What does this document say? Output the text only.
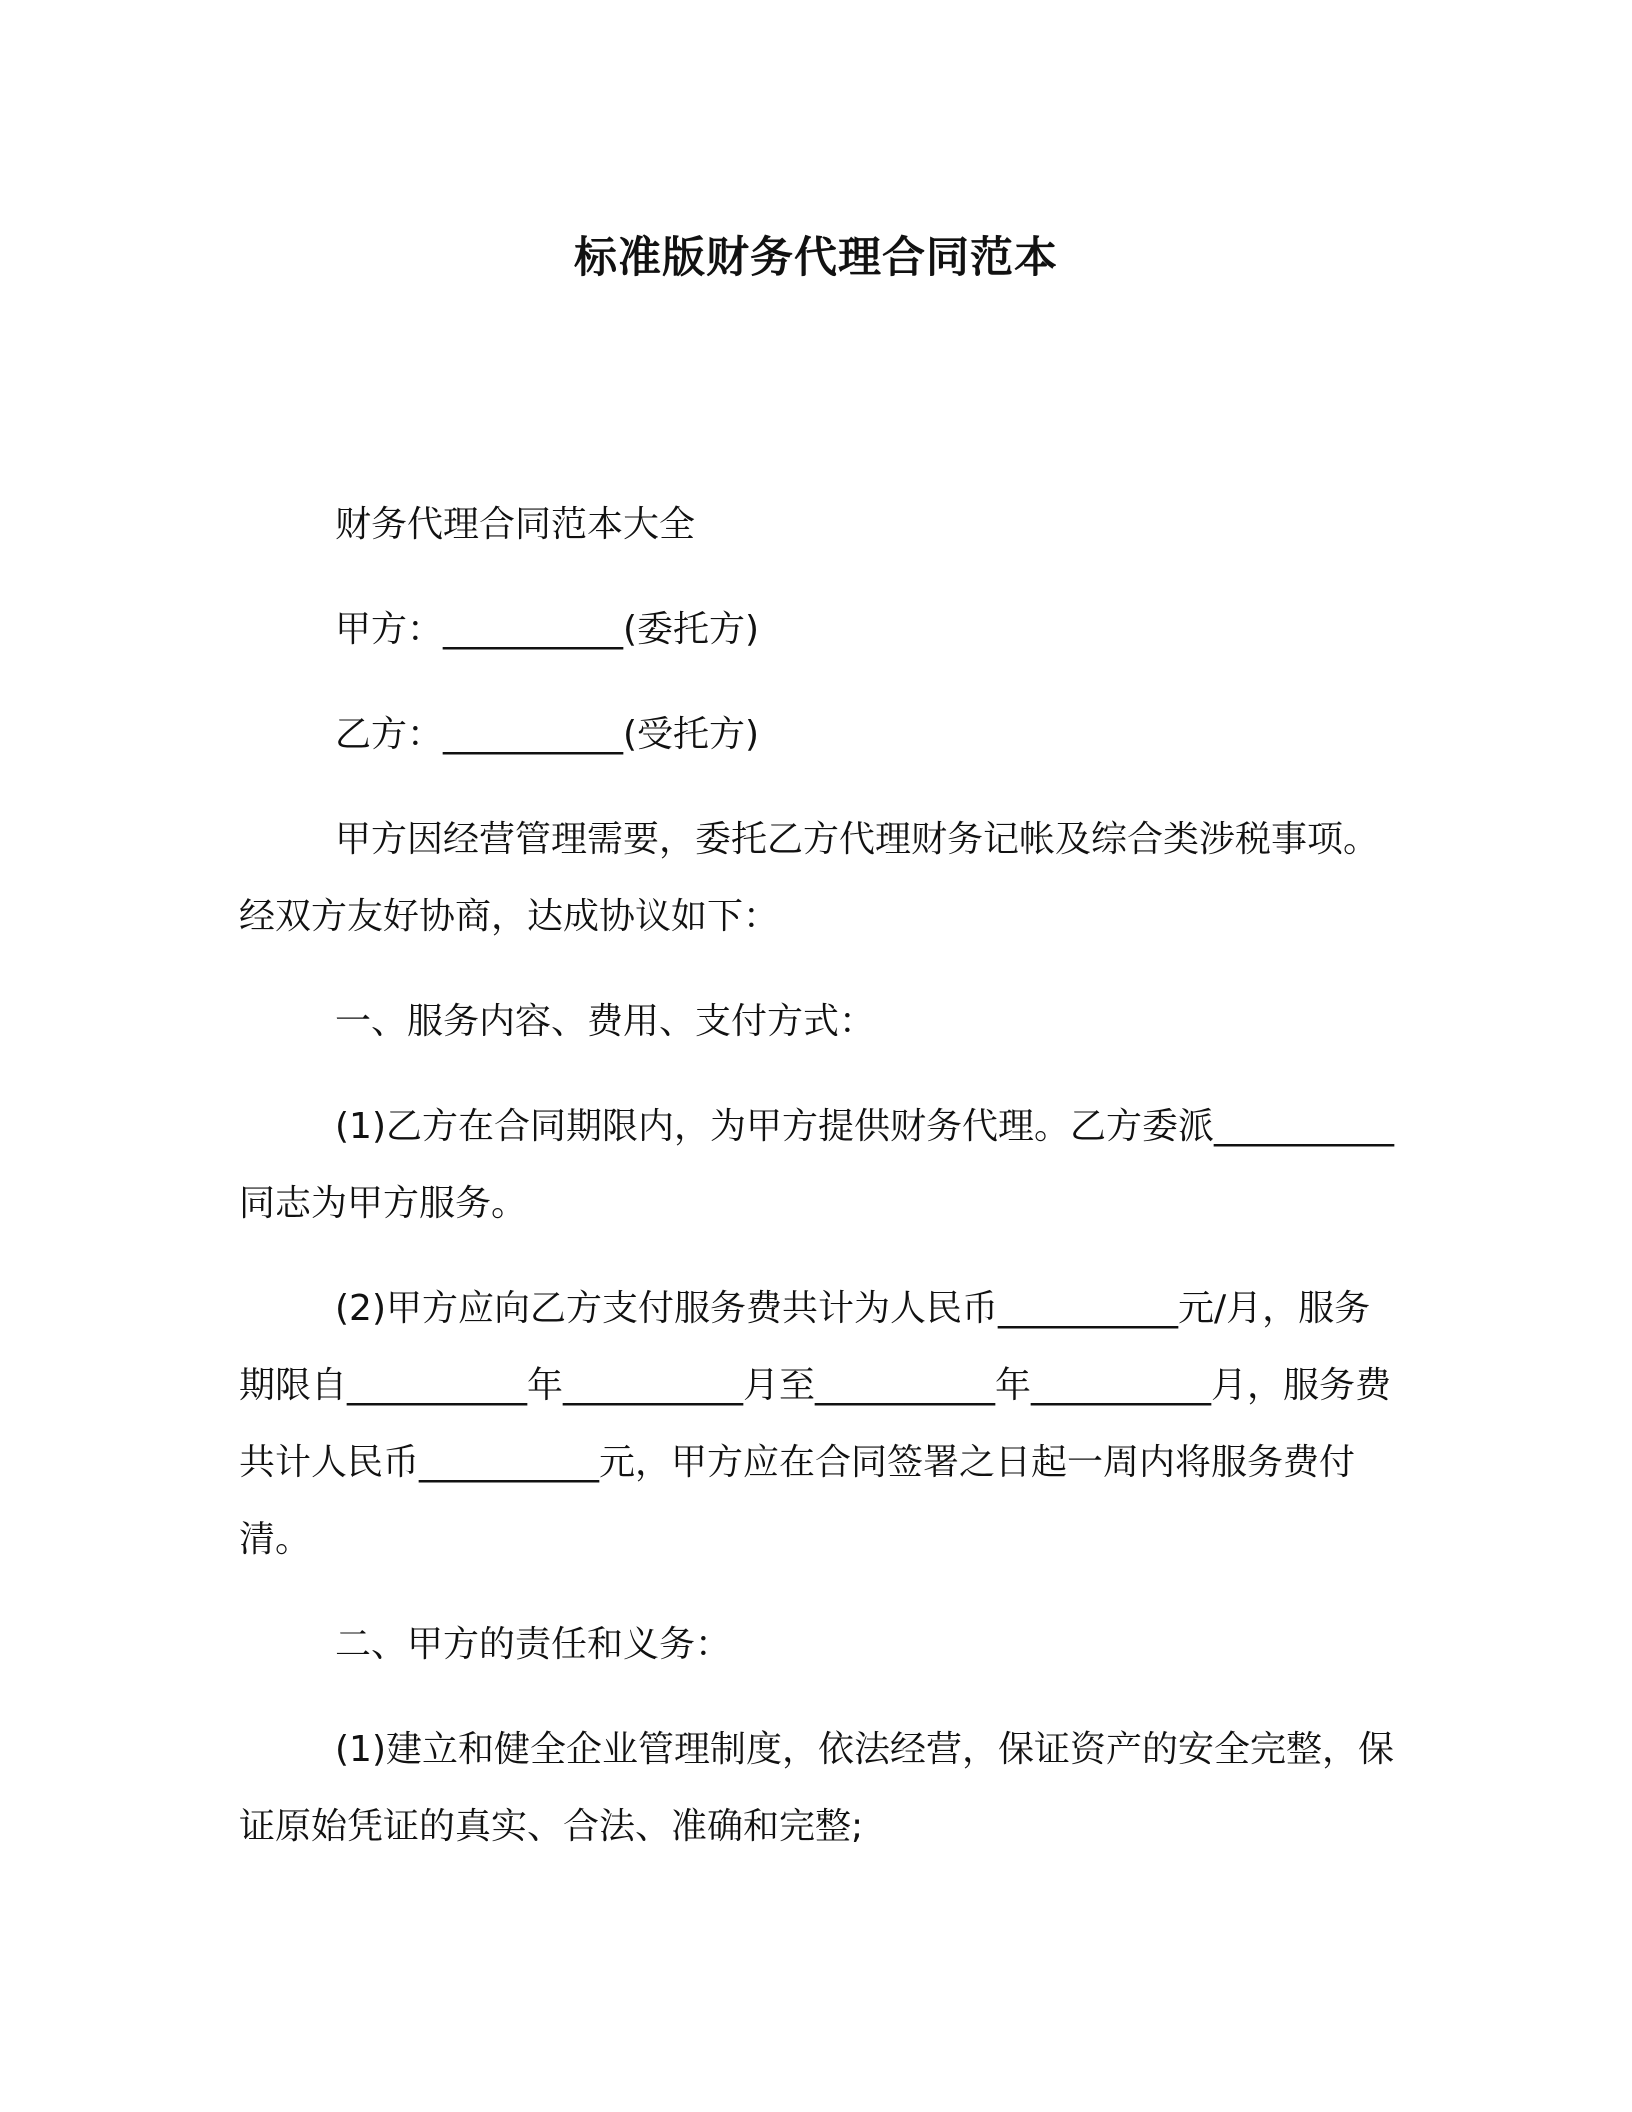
标准版财务代理合同范本

财务代理合同范本大全

甲方：__________(委托方)

乙方：__________(受托方)

甲方因经营管理需要，委托乙方代理财务记帐及综合类涉税事项。经双方友好协商，达成协议如下：

一、服务内容、费用、支付方式：

(1)乙方在合同期限内，为甲方提供财务代理。乙方委派__________同志为甲方服务。

(2)甲方应向乙方支付服务费共计为人民币__________元/月，服务期限自__________年__________月至__________年__________月，服务费共计人民币__________元，甲方应在合同签署之日起一周内将服务费付清。

二、甲方的责任和义务：

(1)建立和健全企业管理制度，依法经营，保证资产的安全完整，保证原始凭证的真实、合法、准确和完整;
